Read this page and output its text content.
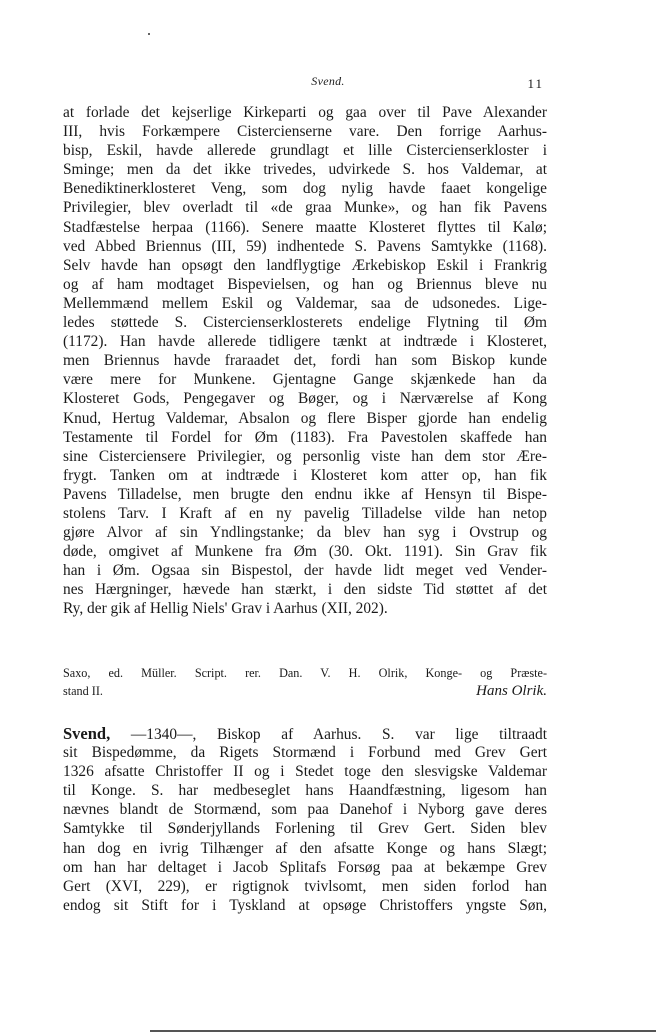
Svend.	11
at forlade det kejserlige Kirkeparti og gaa over til Pave Alexander
III, hvis Forkæmpere Cistercienserne vare. Den forrige Aarhus-
bisp, Eskil, havde allerede grundlagt et lille Cistercienserkloster i
Sminge; men da det ikke trivedes, udvirkede S. hos Valdemar, at
Benediktinerklosteret Veng, som dog nylig havde faaet kongelige
Privilegier, blev overladt til «de graa Munke», og han fik Pavens
Stadfæstelse herpaa (1166). Senere maatte Klosteret flyttes til Kalø;
ved Abbed Briennus (III, 59) indhentede S. Pavens Samtykke (1168).
Selv havde han opsøgt den landflygtige Ærkebiskop Eskil i Frankrig
og af ham modtaget Bispevielsen, og han og Briennus bleve nu
Mellemmænd mellem Eskil og Valdemar, saa de udsonedes. Lige-
ledes støttede S. Cistercienserklosterets endelige Flytning til Øm
(1172). Han havde allerede tidligere tænkt at indtræde i Klosteret,
men Briennus havde fraraadet det, fordi han som Biskop kunde
være mere for Munkene. Gjentagne Gange skjænkede han da
Klosteret Gods, Pengegaver og Bøger, og i Nærværelse af Kong
Knud, Hertug Valdemar, Absalon og flere Bisper gjorde han endelig
Testamente til Fordel for Øm (1183). Fra Pavestolen skaffede han
sine Cisterciensere Privilegier, og personlig viste han dem stor Ære-
frygt. Tanken om at indtræde i Klosteret kom atter op, han fik
Pavens Tilladelse, men brugte den endnu ikke af Hensyn til Bispe-
stolens Tarv. I Kraft af en ny pavelig Tilladelse vilde han netop
gjøre Alvor af sin Yndlingstanke; da blev han syg i Ovstrup og
døde, omgivet af Munkene fra Øm (30. Okt. 1191). Sin Grav fik
han i Øm. Ogsaa sin Bispestol, der havde lidt meget ved Vender-
nes Hærgninger, hævede han stærkt, i den sidste Tid støttet af det
Ry, der gik af Hellig Niels' Grav i Aarhus (XII, 202).
Saxo, ed. Müller. Script. rer. Dan. V. H. Olrik, Konge- og Præste-
stand II.	Hans Olrik.
Svend, —1340—, Biskop af Aarhus. S. var lige tiltraadt
sit Bispedømme, da Rigets Stormænd i Forbund med Grev Gert
1326 afsatte Christoffer II og i Stedet toge den slesvigske Valdemar
til Konge. S. har medbeseglet hans Haandfæstning, ligesom han
nævnes blandt de Stormænd, som paa Danehof i Nyborg gave deres
Samtykke til Sønderjyllands Forlening til Grev Gert. Siden blev
han dog en ivrig Tilhænger af den afsatte Konge og hans Slægt;
om han har deltaget i Jacob Splitafs Forsøg paa at bekæmpe Grev
Gert (XVI, 229), er rigtignok tvivlsomt, men siden forlod han
endog sit Stift for i Tyskland at opsøge Christoffers yngste Søn,
